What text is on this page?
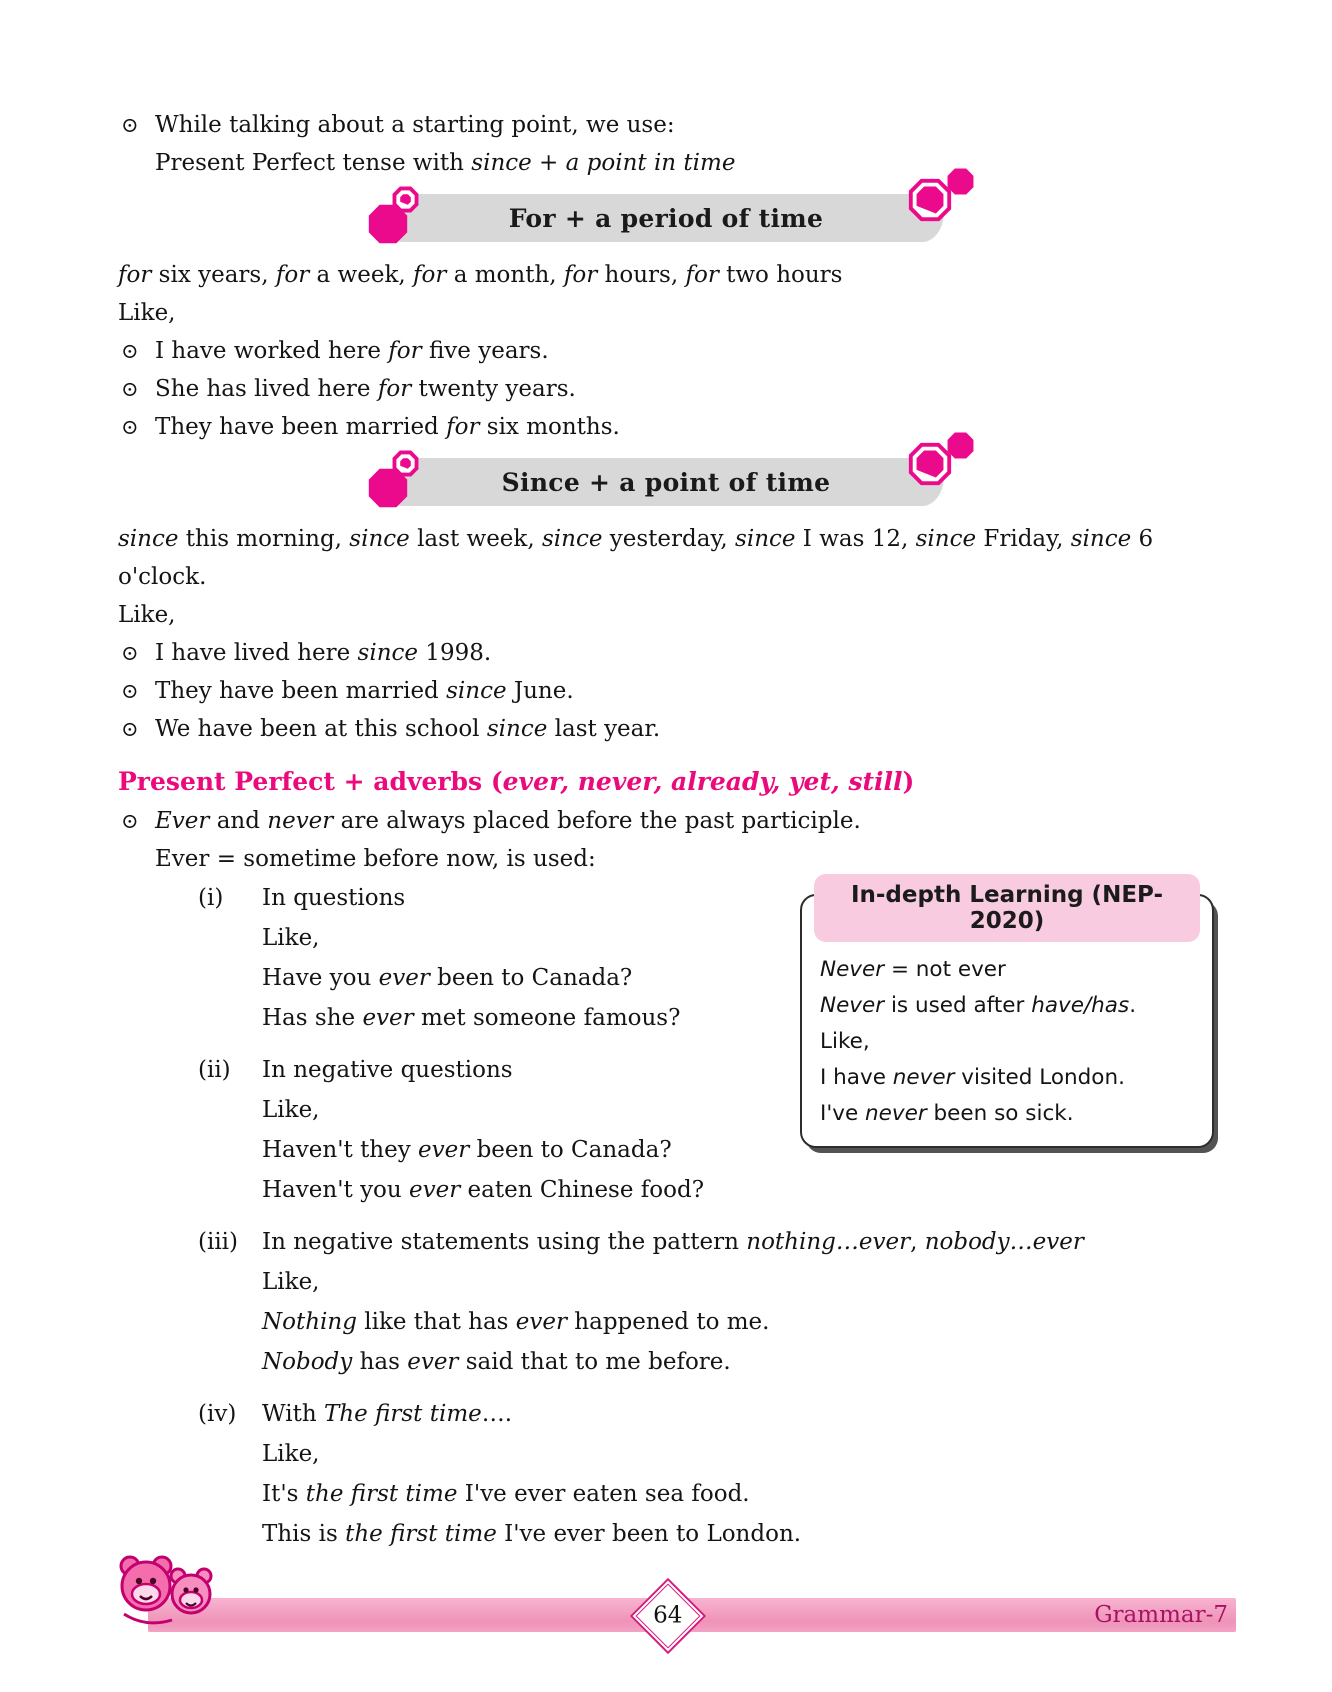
⊙ While talking about a starting point, we use:
Present Perfect tense with since + a point in time
For + a period of time
for six years, for a week, for a month, for hours, for two hours
Like,
⊙ I have worked here for five years.
⊙ She has lived here for twenty years.
⊙ They have been married for six months.
Since + a point of time
since this morning, since last week, since yesterday, since I was 12, since Friday, since 6 o'clock.
Like,
⊙ I have lived here since 1998.
⊙ They have been married since June.
⊙ We have been at this school since last year.
Present Perfect + adverbs (ever, never, already, yet, still)
⊙ Ever and never are always placed before the past participle.
Ever = sometime before now, is used:
(i)	In questions
Like,
Have you ever been to Canada?
Has she ever met someone famous?
(ii)	In negative questions
Like,
Haven't they ever been to Canada?
Haven't you ever eaten Chinese food?
In-depth Learning (NEP-2020)
Never = not ever
Never is used after have/has.
Like,
I have never visited London.
I've never been so sick.
(iii)	In negative statements using the pattern nothing…ever, nobody…ever
Like,
Nothing like that has ever happened to me.
Nobody has ever said that to me before.
(iv)	With The first time….
Like,
It's the first time I've ever eaten sea food.
This is the first time I've ever been to London.
64	Grammar-7
